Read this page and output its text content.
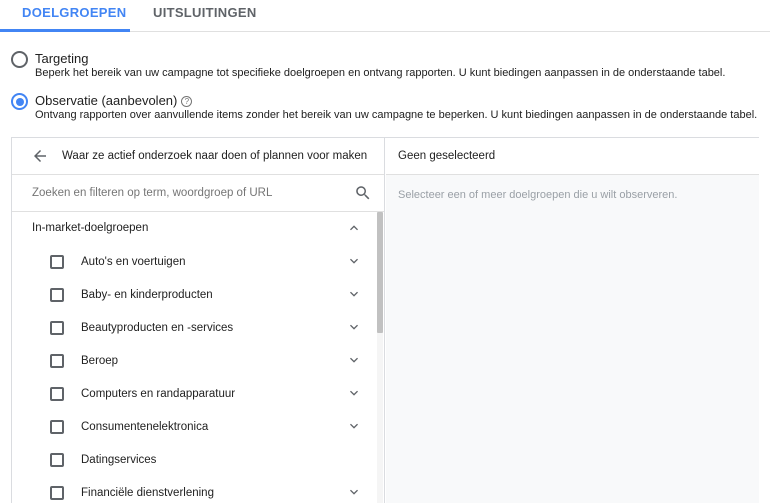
DOELGROEPEN UITSLUITINGEN
Targeting
Beperk het bereik van uw campagne tot specifieke doelgroepen en ontvang rapporten. U kunt biedingen aanpassen in de onderstaande tabel.
Observatie (aanbevolen) ?
Ontvang rapporten over aanvullende items zonder het bereik van uw campagne te beperken. U kunt biedingen aanpassen in de onderstaande tabel.
Waar ze actief onderzoek naar doen of plannen voor maken
Zoeken en filteren op term, woordgroep of URL
In-market-doelgroepen
Auto's en voertuigen
Baby- en kinderproducten
Beautyproducten en -services
Beroep
Computers en randapparatuur
Consumentenelektronica
Datingservices
Financiële dienstverlening
Geen geselecteerd
Selecteer een of meer doelgroepen die u wilt observeren.
